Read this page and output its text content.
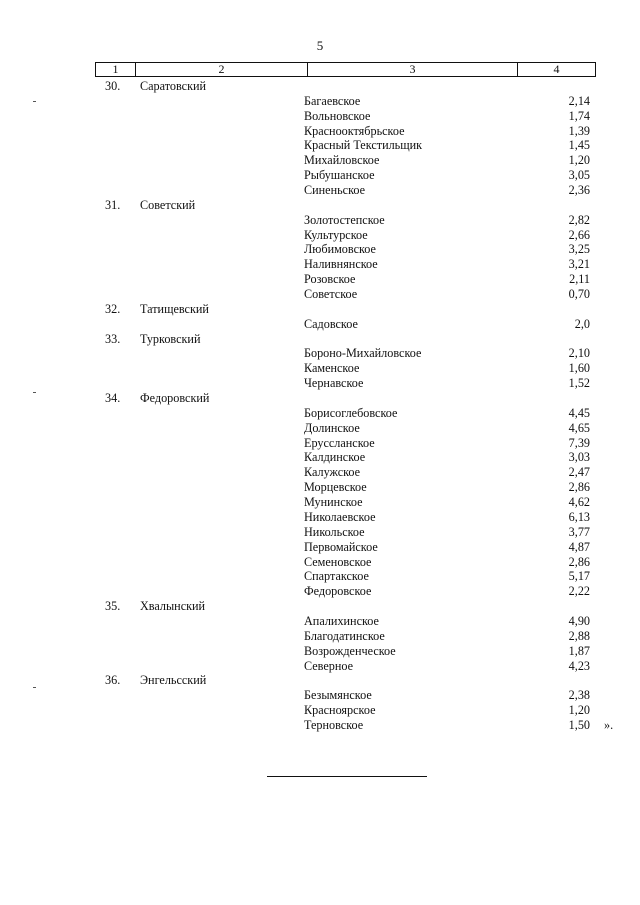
5
1	2	3	4
30. Саратовский
Багаевское	2,14
Вольновское	1,74
Краснооктябрьское	1,39
Красный Текстильщик	1,45
Михайловское	1,20
Рыбушанское	3,05
Синеньское	2,36
31. Советский
Золотостепское	2,82
Культурское	2,66
Любимовское	3,25
Наливнянское	3,21
Розовское	2,11
Советское	0,70
32. Татищевский
Садовское	2,0
33. Турковский
Бороно-Михайловское	2,10
Каменское	1,60
Чернавское	1,52
34. Федоровский
Борисоглебовское	4,45
Долинское	4,65
Еруссланское	7,39
Калдинское	3,03
Калужское	2,47
Морцевское	2,86
Мунинское	4,62
Николаевское	6,13
Никольское	3,77
Первомайское	4,87
Семеновское	2,86
Спартакское	5,17
Федоровское	2,22
35. Хвалынский
Апалихинское	4,90
Благодатинское	2,88
Возрожденческое	1,87
Северное	4,23
36. Энгельсский
Безымянское	2,38
Красноярское	1,20
Терновское	1,50 ».
